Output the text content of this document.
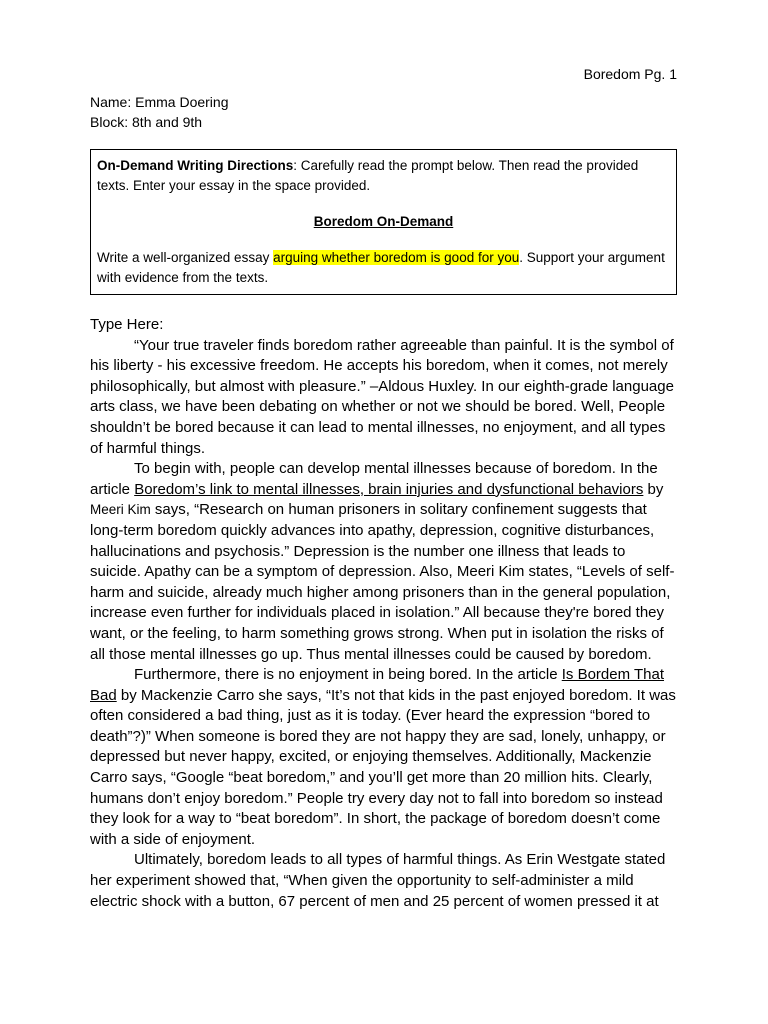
Boredom Pg. 1
Name: Emma Doering
Block: 8th and 9th
On-Demand Writing Directions: Carefully read the prompt below. Then read the provided texts. Enter your essay in the space provided.
Boredom On-Demand
Write a well-organized essay arguing whether boredom is good for you. Support your argument with evidence from the texts.

Type Here:

“Your true traveler finds boredom rather agreeable than painful. It is the symbol of his liberty - his excessive freedom. He accepts his boredom, when it comes, not merely philosophically, but almost with pleasure.” –Aldous Huxley. In our eighth-grade language arts class, we have been debating on whether or not we should be bored. Well, People shouldn’t be bored because it can lead to mental illnesses, no enjoyment, and all types of harmful things.

To begin with, people can develop mental illnesses because of boredom. In the article Boredom’s link to mental illnesses, brain injuries and dysfunctional behaviors by Meeri Kim says, “Research on human prisoners in solitary confinement suggests that long-term boredom quickly advances into apathy, depression, cognitive disturbances, hallucinations and psychosis.” Depression is the number one illness that leads to suicide. Apathy can be a symptom of depression. Also, Meeri Kim states, “Levels of self-harm and suicide, already much higher among prisoners than in the general population, increase even further for individuals placed in isolation.” All because they're bored they want, or the feeling, to harm something grows strong. When put in isolation the risks of all those mental illnesses go up. Thus mental illnesses could be caused by boredom.

Furthermore, there is no enjoyment in being bored. In the article Is Bordem That Bad by Mackenzie Carro she says, “It’s not that kids in the past enjoyed boredom. It was often considered a bad thing, just as it is today. (Ever heard the expression “bored to death”?)” When someone is bored they are not happy they are sad, lonely, unhappy, or depressed but never happy, excited, or enjoying themselves. Additionally, Mackenzie Carro says, “Google “beat boredom,” and you’ll get more than 20 million hits. Clearly, humans don’t enjoy boredom.” People try every day not to fall into boredom so instead they look for a way to “beat boredom”. In short, the package of boredom doesn’t come with a side of enjoyment.

Ultimately, boredom leads to all types of harmful things. As Erin Westgate stated her experiment showed that, “When given the opportunity to self-administer a mild electric shock with a button, 67 percent of men and 25 percent of women pressed it at
